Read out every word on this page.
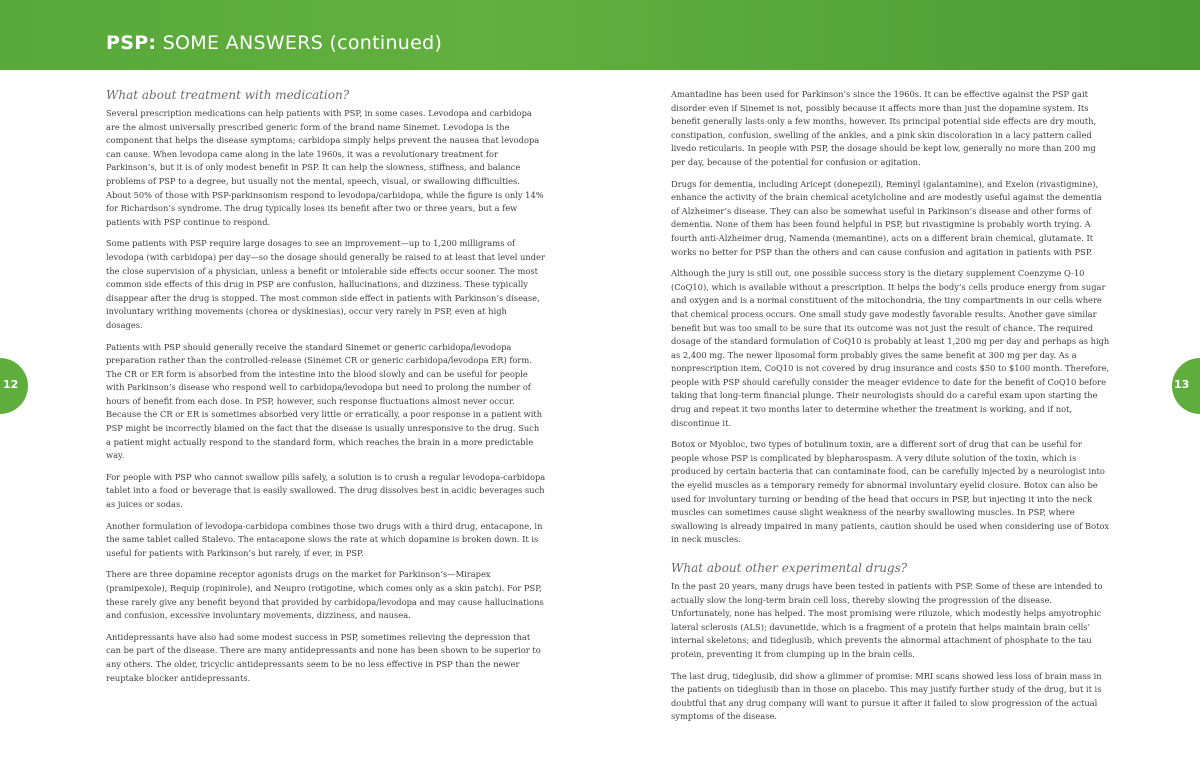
PSP: SOME ANSWERS (continued)
12	13
What about treatment with medication?

Several prescription medications can help patients with PSP, in some cases. Levodopa and carbidopa are the almost universally prescribed generic form of the brand name Sinemet. Levodopa is the component that helps the disease symptoms; carbidopa simply helps prevent the nausea that levodopa can cause. When levodopa came along in the late 1960s, it was a revolutionary treatment for Parkinson’s, but it is of only modest benefit in PSP. It can help the slowness, stiffness, and balance problems of PSP to a degree, but usually not the mental, speech, visual, or swallowing difficulties. About 50% of those with PSP-parkinsonism respond to levodopa/carbidopa, while the figure is only 14% for Richardson’s syndrome. The drug typically loses its benefit after two or three years, but a few patients with PSP continue to respond.

Some patients with PSP require large dosages to see an improvement—up to 1,200 milligrams of levodopa (with carbidopa) per day—so the dosage should generally be raised to at least that level under the close supervision of a physician, unless a benefit or intolerable side effects occur sooner. The most common side effects of this drug in PSP are confusion, hallucinations, and dizziness. These typically disappear after the drug is stopped. The most common side effect in patients with Parkinson’s disease, involuntary writhing movements (chorea or dyskinesias), occur very rarely in PSP, even at high dosages.

Patients with PSP should generally receive the standard Sinemet or generic carbidopa/levodopa preparation rather than the controlled-release (Sinemet CR or generic carbidopa/levodopa ER) form. The CR or ER form is absorbed from the intestine into the blood slowly and can be useful for people with Parkinson’s disease who respond well to carbidopa/levodopa but need to prolong the number of hours of benefit from each dose. In PSP, however, such response fluctuations almost never occur. Because the CR or ER is sometimes absorbed very little or erratically, a poor response in a patient with PSP might be incorrectly blamed on the fact that the disease is usually unresponsive to the drug. Such a patient might actually respond to the standard form, which reaches the brain in a more predictable way.

For people with PSP who cannot swallow pills safely, a solution is to crush a regular levodopa-carbidopa tablet into a food or beverage that is easily swallowed. The drug dissolves best in acidic beverages such as juices or sodas.

Another formulation of levodopa-carbidopa combines those two drugs with a third drug, entacapone, in the same tablet called Stalevo. The entacapone slows the rate at which dopamine is broken down. It is useful for patients with Parkinson’s but rarely, if ever, in PSP.

There are three dopamine receptor agonists drugs on the market for Parkinson’s—Mirapex (pramipexole), Requip (ropinirole), and Neupro (rotigotine, which comes only as a skin patch). For PSP, these rarely give any benefit beyond that provided by carbidopa/levodopa and may cause hallucinations and confusion, excessive involuntary movements, dizziness, and nausea.

Antidepressants have also had some modest success in PSP, sometimes relieving the depression that can be part of the disease. There are many antidepressants and none has been shown to be superior to any others. The older, tricyclic antidepressants seem to be no less effective in PSP than the newer reuptake blocker antidepressants.

Amantadine has been used for Parkinson’s since the 1960s. It can be effective against the PSP gait disorder even if Sinemet is not, possibly because it affects more than just the dopamine system. Its benefit generally lasts only a few months, however. Its principal potential side effects are dry mouth, constipation, confusion, swelling of the ankles, and a pink skin discoloration in a lacy pattern called livedo reticularis. In people with PSP, the dosage should be kept low, generally no more than 200 mg per day, because of the potential for confusion or agitation.

Drugs for dementia, including Aricept (donepezil), Reminyl (galantamine), and Exelon (rivastigmine), enhance the activity of the brain chemical acetylcholine and are modestly useful against the dementia of Alzheimer’s disease. They can also be somewhat useful in Parkinson’s disease and other forms of dementia. None of them has been found helpful in PSP, but rivastigmine is probably worth trying. A fourth anti-Alzheimer drug, Namenda (memantine), acts on a different brain chemical, glutamate. It works no better for PSP than the others and can cause confusion and agitation in patients with PSP.

Although the jury is still out, one possible success story is the dietary supplement Coenzyme Q-10 (CoQ10), which is available without a prescription. It helps the body’s cells produce energy from sugar and oxygen and is a normal constituent of the mitochondria, the tiny compartments in our cells where that chemical process occurs. One small study gave modestly favorable results. Another gave similar benefit but was too small to be sure that its outcome was not just the result of chance. The required dosage of the standard formulation of CoQ10 is probably at least 1,200 mg per day and perhaps as high as 2,400 mg. The newer liposomal form probably gives the same benefit at 300 mg per day. As a nonprescription item, CoQ10 is not covered by drug insurance and costs $50 to $100 month. Therefore, people with PSP should carefully consider the meager evidence to date for the benefit of CoQ10 before taking that long-term financial plunge. Their neurologists should do a careful exam upon starting the drug and repeat it two months later to determine whether the treatment is working, and if not, discontinue it.

Botox or Myobloc, two types of botulinum toxin, are a different sort of drug that can be useful for people whose PSP is complicated by blepharospasm. A very dilute solution of the toxin, which is produced by certain bacteria that can contaminate food, can be carefully injected by a neurologist into the eyelid muscles as a temporary remedy for abnormal involuntary eyelid closure. Botox can also be used for involuntary turning or bending of the head that occurs in PSP, but injecting it into the neck muscles can sometimes cause slight weakness of the nearby swallowing muscles. In PSP, where swallowing is already impaired in many patients, caution should be used when considering use of Botox in neck muscles.

What about other experimental drugs?

In the past 20 years, many drugs have been tested in patients with PSP. Some of these are intended to actually slow the long-term brain cell loss, thereby slowing the progression of the disease. Unfortunately, none has helped. The most promising were riluzole, which modestly helps amyotrophic lateral sclerosis (ALS); davunetide, which is a fragment of a protein that helps maintain brain cells’ internal skeletons; and tideglusib, which prevents the abnormal attachment of phosphate to the tau protein, preventing it from clumping up in the brain cells.

The last drug, tideglusib, did show a glimmer of promise: MRI scans showed less loss of brain mass in the patients on tideglusib than in those on placebo. This may justify further study of the drug, but it is doubtful that any drug company will want to pursue it after it failed to slow progression of the actual symptoms of the disease.
